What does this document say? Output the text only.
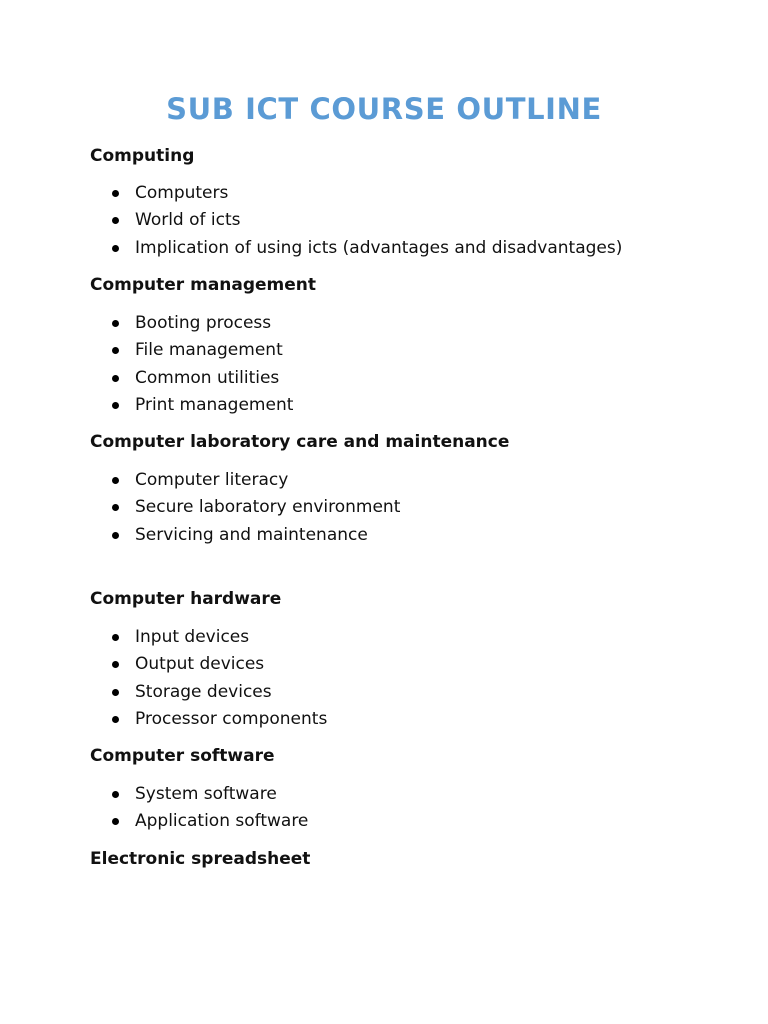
SUB ICT COURSE OUTLINE
Computing
Computers
World of icts
Implication of using icts (advantages and disadvantages)
Computer management
Booting process
File management
Common utilities
Print management
Computer laboratory care and maintenance
Computer literacy
Secure laboratory environment
Servicing and maintenance
Computer hardware
Input devices
Output devices
Storage devices
Processor components
Computer software
System software
Application software
Electronic spreadsheet
